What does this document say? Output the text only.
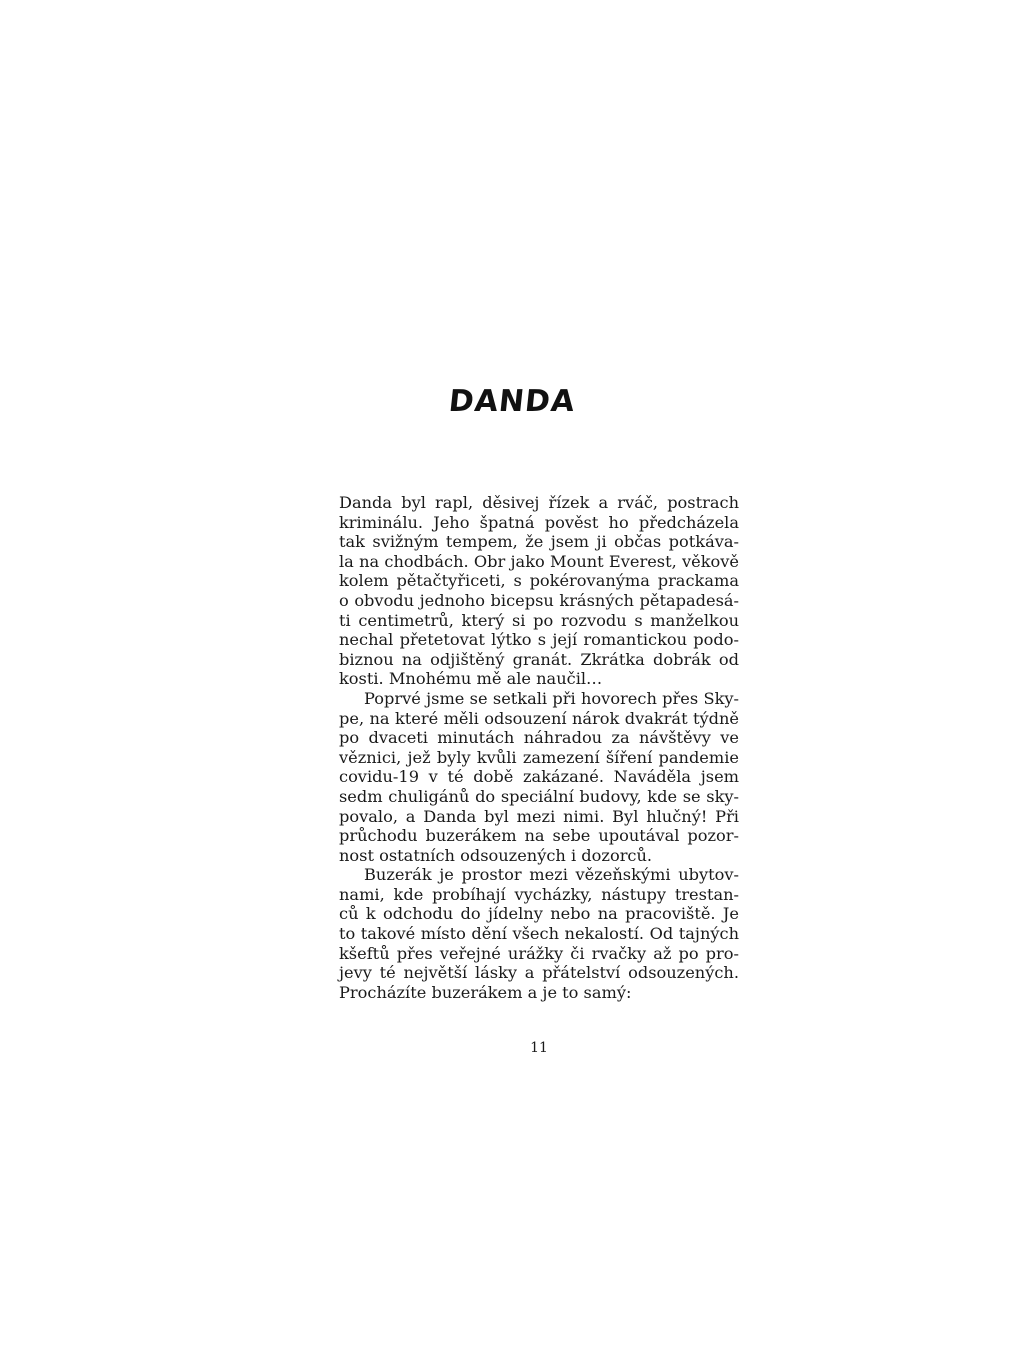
DANDA
Danda byl rapl, děsivej řízek a rváč, postrach
kriminálu. Jeho špatná pověst ho předcházela
tak svižným tempem, že jsem ji občas potkáva-
la na chodbách. Obr jako Mount Everest, věkově
kolem pětačtyřiceti, s pokérovanýma prackama
o obvodu jednoho bicepsu krásných pětapadesá-
ti centimetrů, který si po rozvodu s manželkou
nechal přetetovat lýtko s její romantickou podo-
biznou na odjištěný granát. Zkrátka dobrák od
kosti. Mnohému mě ale naučil…
Poprvé jsme se setkali při hovorech přes Sky-
pe, na které měli odsouzení nárok dvakrát týdně
po dvaceti minutách náhradou za návštěvy ve
věznici, jež byly kvůli zamezení šíření pandemie
covidu-19 v té době zakázané. Naváděla jsem
sedm chuligánů do speciální budovy, kde se sky-
povalo, a Danda byl mezi nimi. Byl hlučný! Při
průchodu buzerákem na sebe upoutával pozor-
nost ostatních odsouzených i dozorců.
Buzerák je prostor mezi vězeňskými ubytov-
nami, kde probíhají vycházky, nástupy trestan-
ců k odchodu do jídelny nebo na pracoviště. Je
to takové místo dění všech nekalostí. Od tajných
kšeftů přes veřejné urážky či rvačky až po pro-
jevy té největší lásky a přátelství odsouzených.
Procházíte buzerákem a je to samý:
11
